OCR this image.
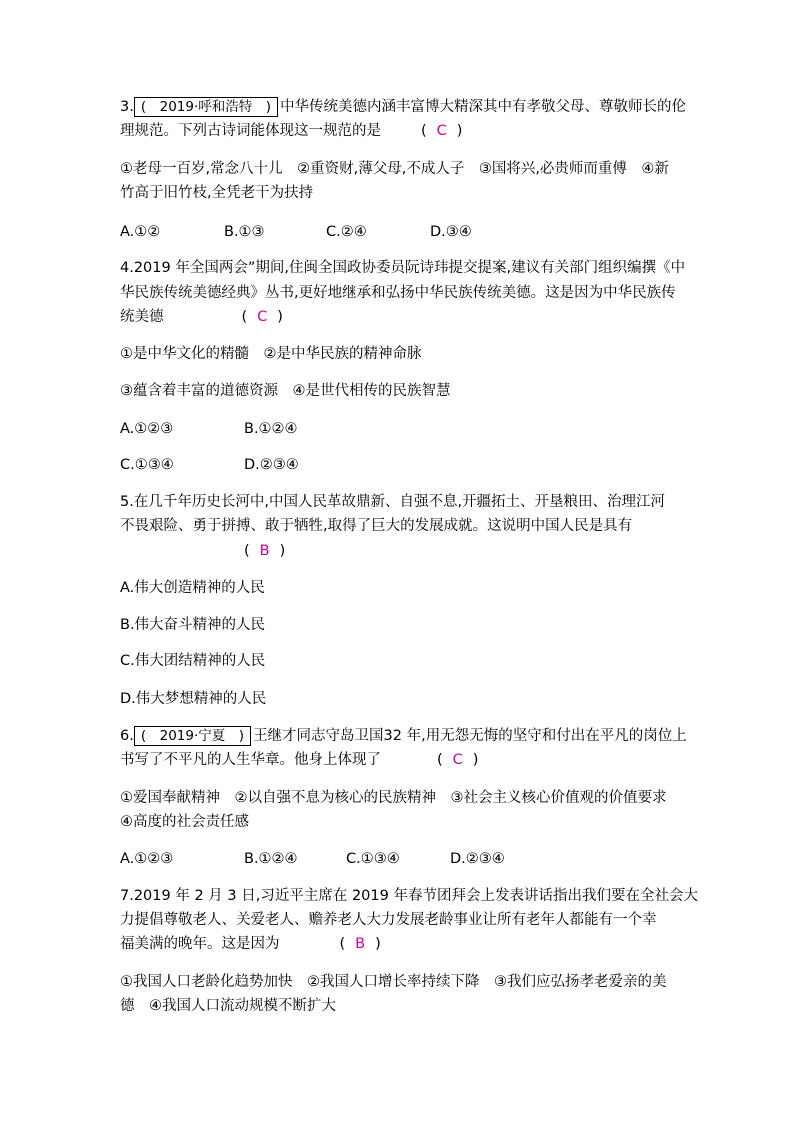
3. (　2019·呼和浩特　) 中华传统美德内涵丰富博大精深其中有孝敬父母、尊敬师长的伦
理规范。下列古诗词能体现这一规范的是	( C )
①老母一百岁,常念八十儿　②重资财,薄父母,不成人子　③国将兴,必贵师而重傅　④新
竹高于旧竹枝,全凭老干为扶持
A.①②	B.①③	C.②④	D.③④
4.2019 年全国两会”期间,住闽全国政协委员阮诗玮提交提案,建议有关部门组织编撰《中
华民族传统美德经典》丛书,更好地继承和弘扬中华民族传统美德。这是因为中华民族传
统美德	( C )
①是中华文化的精髓　②是中华民族的精神命脉
③蕴含着丰富的道德资源　④是世代相传的民族智慧
A.①②③	B.①②④
C.①③④	D.②③④
5.在几千年历史长河中,中国人民革故鼎新、自强不息,开疆拓土、开垦粮田、治理江河
不畏艰险、勇于拼搏、敢于牺牲,取得了巨大的发展成就。这说明中国人民是具有
( B )
A.伟大创造精神的人民
B.伟大奋斗精神的人民
C.伟大团结精神的人民
D.伟大梦想精神的人民
6. (　2019·宁夏　) 王继才同志守岛卫国32 年,用无怨无悔的坚守和付出在平凡的岗位上
书写了不平凡的人生华章。他身上体现了	( C )
①爱国奉献精神　②以自强不息为核心的民族精神　③社会主义核心价值观的价值要求
④高度的社会责任感
A.①②③	B.①②④	C.①③④	D.②③④
7.2019 年 2 月 3 日,习近平主席在 2019 年春节团拜会上发表讲话指出我们要在全社会大
力提倡尊敬老人、关爱老人、赡养老人大力发展老龄事业让所有老年人都能有一个幸
福美满的晚年。这是因为	( B )
①我国人口老龄化趋势加快　②我国人口增长率持续下降　③我们应弘扬孝老爱亲的美
德　④我国人口流动规模不断扩大
